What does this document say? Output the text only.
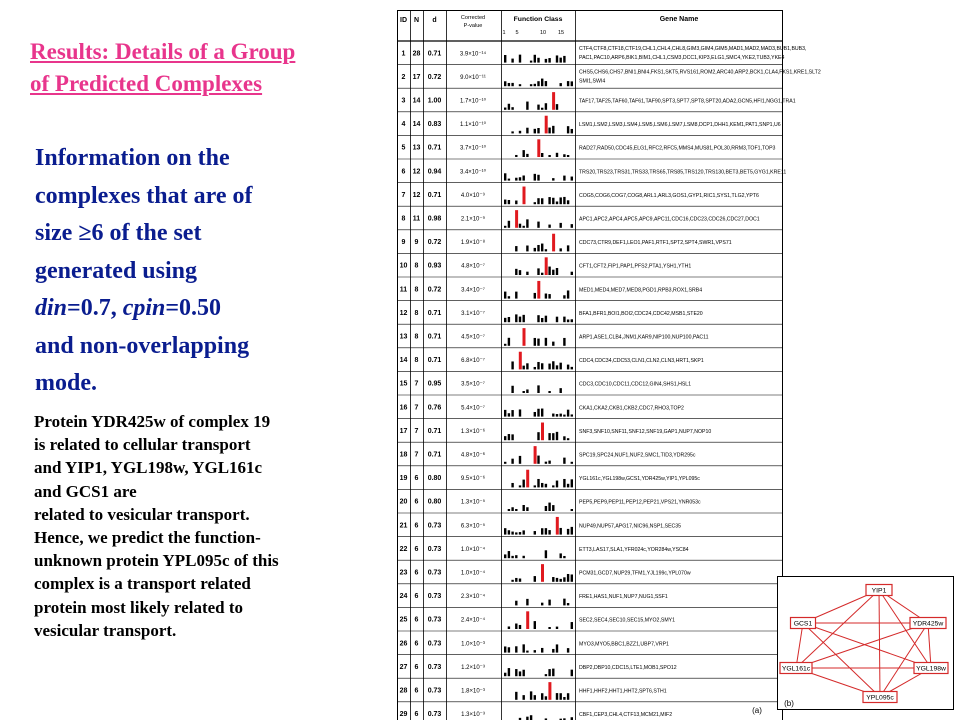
Results: Details of a Group
of Predicted Complexes
Information on the
complexes that are of
size ≥6 of the set
generated using
din=0.7, cpin=0.50
and non-overlapping
mode.
Protein YDR425w of complex 19
is related to cellular transport
and YIP1, YGL198w, YGL161c
and GCS1 are
related to vesicular transport.
Hence, we predict the function-
unknown protein YPL095c of this
complex is a transport related
protein most likely related to
vesicular transport.
ID N d	Corrected
P-value
Function Class	Gene Name
1 5	10 15
1 28 0.71	3.9×10⁻¹⁴
CTF4,CTF8,CTF18,CTF19,CHL1,CHL4,CHL8,GIM3,GIM4,GIM5,MAD1,MAD2,MAD3,BUB1,BUB3,
PAC1,PAC10,ARP6,BIK1,BIM1,CHL1,CSM3,DCC1,KIP3,ELG1,SMC4,YKE2,TUB3,YKE4
2 17 0.72	9.0×10⁻¹¹
CHS5,CHS6,CHS7,BNI1,BNI4,FKS1,SKT5,RVS161,ROM2,ARC40,ARP2,BCK1,CLA4,FKS1,KRE1,SLT2
SMI1,SWI4
3 14 1.00	1.7×10⁻¹⁰	TAF17,TAF25,TAF60,TAF61,TAF90,SPT3,SPT7,SPT8,SPT20,ADA2,GCN5,HFI1,NGG1,TRA1
4 14 0.83	1.1×10⁻¹⁰	LSM1,LSM2,LSM3,LSM4,LSM5,LSM6,LSM7,LSM8,DCP1,DHH1,KEM1,PAT1,SNP1,U6
5 13 0.71	3.7×10⁻¹⁰	RAD27,RAD50,CDC45,ELG1,RFC2,RFC5,MMS4,MUS81,POL30,RRM3,TOF1,TOP3
6 12 0.94	3.4×10⁻¹⁰	TRS20,TRS23,TRS31,TRS33,TRS65,TRS85,TRS120,TRS130,BET3,BET5,GYG1,KRE11
7 12 0.71	4.0×10⁻⁹	COG5,COG6,COG7,COG8,ARL1,ARL3,GOS1,GYP1,RIC1,SYS1,TLG2,YPT6
8 11 0.98	2.1×10⁻⁹	APC1,APC2,APC4,APC5,APC9,APC11,CDC16,CDC23,CDC26,CDC27,DOC1
9 9 0.72	1.9×10⁻⁸	CDC73,CTR9,DEF1,LEO1,PAF1,RTF1,SPT2,SPT4,SWR1,VPS71
10 8 0.93	4.8×10⁻⁷	CFT1,CFT2,FIP1,PAP1,PFS2,PTA1,YSH1,YTH1
11 8 0.72	3.4×10⁻⁷	MED1,MED4,MED7,MED8,PGD1,RPB3,ROX1,SRB4
12 8 0.71	3.1×10⁻⁷	BFA1,BFR1,BOI1,BOI2,CDC24,CDC42,MSB1,STE20
13 8 0.71	4.5×10⁻⁷	ARP1,ASE1,CLB4,JNM1,KAR9,NIP100,NUP100,PAC11
14 8 0.71	6.8×10⁻⁷	CDC4,CDC34,CDC53,CLN1,CLN2,CLN3,HRT1,SKP1
15 7 0.95	3.5×10⁻⁷	CDC3,CDC10,CDC11,CDC12,GIN4,SHS1,HSL1
16 7 0.76	5.4×10⁻⁷	CKA1,CKA2,CKB1,CKB2,CDC7,RHO3,TOP2
17 7 0.71	1.3×10⁻⁶	SNF3,SNF10,SNF11,SNF12,SNF19,GAP1,NUP7,NOP10
18 7 0.71	4.8×10⁻⁶	SPC19,SPC24,NUF1,NUF2,SMC1,TID3,YDR295c
19 6 0.80	9.5×10⁻⁶	YGL161c,YGL198w,GCS1,YDR425w,YIP1,YPL095c
20 6 0.80	1.3×10⁻⁵	PEP5,PEP9,PEP11,PEP12,PEP21,VPS21,YNR053c
21 6 0.73	6.3×10⁻⁵	NUP49,NUP57,APG17,NIC96,NSP1,SEC35
22 6 0.73	1.0×10⁻⁴	ETT3,LAS17,SLA1,YFR024c,YOR284w,YSC84
23 6 0.73	1.0×10⁻⁴	PCM31,GCD7,NUP29,TFM1,YJL199c,YPL070w
24 6 0.73	2.3×10⁻⁴	FRE1,HAS1,NUF1,NUP7,NUG1,SSF1
25 6 0.73	2.4×10⁻⁴	SEC2,SEC4,SEC10,SEC15,MYO2,SMY1
26 6 0.73	1.0×10⁻³	MYO3,MYO5,BBC1,BZZ1,UBP7,VRP1
27 6 0.73	1.2×10⁻³	DBP2,DBP10,CDC15,LTE1,MOB1,SPO12
28 6 0.73	1.8×10⁻³	HHF1,HHF2,HHT1,HHT2,SPT6,STH1
29 6 0.73	1.3×10⁻³	CBF1,CEP3,CHL4,CTF13,MCM21,MIF2
(a)
YIP1
GCS1	YDR425w
YGL161c	YGL198w
YPL095c
(b)
